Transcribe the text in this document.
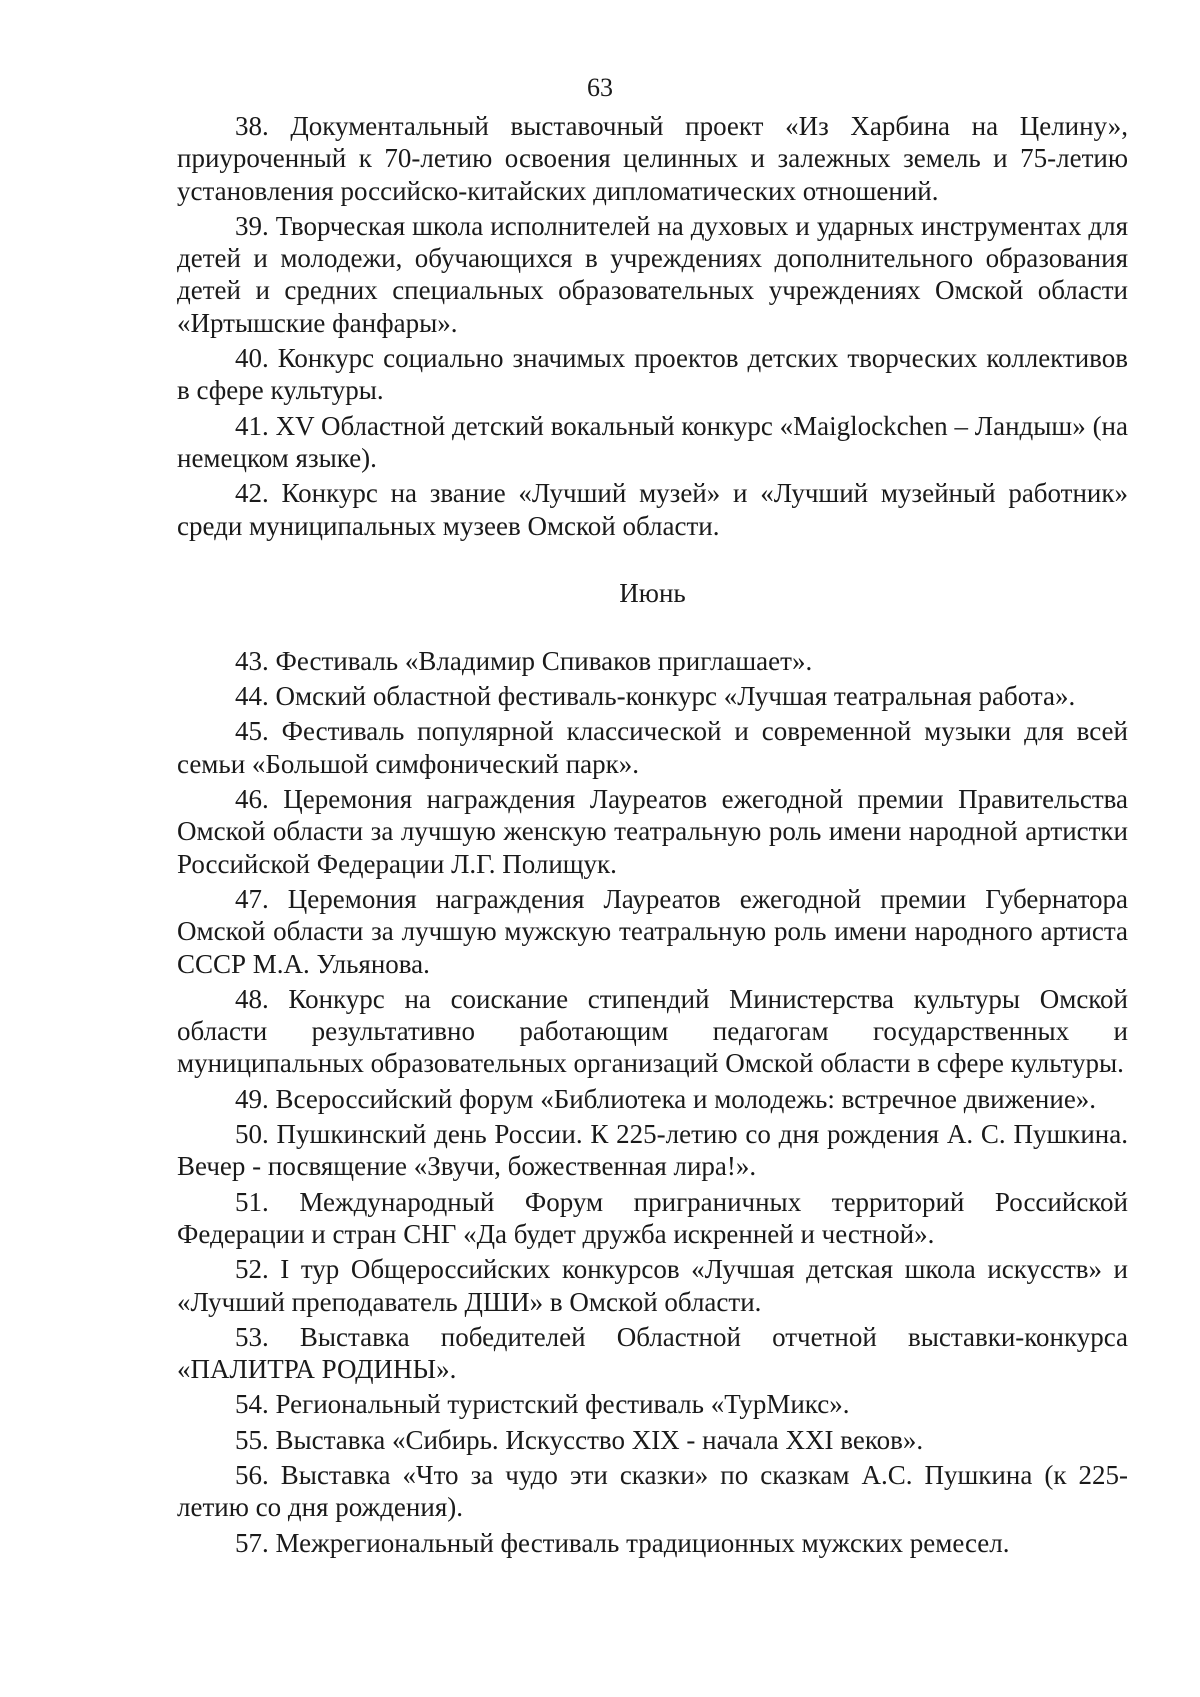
63

38. Документальный выставочный проект «Из Харбина на Целину», приуроченный к 70-летию освоения целинных и залежных земель и 75-летию установления российско-китайских дипломатических отношений.

39. Творческая школа исполнителей на духовых и ударных инструментах для детей и молодежи, обучающихся в учреждениях дополнительного образования детей и средних специальных образовательных учреждениях Омской области «Иртышские фанфары».

40. Конкурс социально значимых проектов детских творческих коллективов в сфере культуры.

41. XV Областной детский вокальный конкурс «Maiglockchen – Ландыш» (на немецком языке).

42. Конкурс на звание «Лучший музей» и «Лучший музейный работник» среди муниципальных музеев Омской области.

Июнь

43. Фестиваль «Владимир Спиваков приглашает».

44. Омский областной фестиваль-конкурс «Лучшая театральная работа».

45. Фестиваль популярной классической и современной музыки для всей семьи «Большой симфонический парк».

46. Церемония награждения Лауреатов ежегодной премии Правительства Омской области за лучшую женскую театральную роль имени народной артистки Российской Федерации Л.Г. Полищук.

47. Церемония награждения Лауреатов ежегодной премии Губернатора Омской области за лучшую мужскую театральную роль имени народного артиста СССР М.А. Ульянова.

48. Конкурс на соискание стипендий Министерства культуры Омской области результативно работающим педагогам государственных и муниципальных образовательных организаций Омской области в сфере культуры.

49. Всероссийский форум «Библиотека и молодежь: встречное движение».

50. Пушкинский день России. К 225-летию со дня рождения А. С. Пушкина. Вечер - посвящение «Звучи, божественная лира!».

51. Международный Форум приграничных территорий Российской Федерации и стран СНГ «Да будет дружба искренней и честной».

52. I тур Общероссийских конкурсов «Лучшая детская школа искусств» и «Лучший преподаватель ДШИ» в Омской области.

53. Выставка победителей Областной отчетной выставки-конкурса «ПАЛИТРА РОДИНЫ».

54. Региональный туристский фестиваль «ТурМикс».

55. Выставка «Сибирь. Искусство XIX - начала XXI веков».

56. Выставка «Что за чудо эти сказки» по сказкам А.С. Пушкина (к 225-летию со дня рождения).

57. Межрегиональный фестиваль традиционных мужских ремесел.
